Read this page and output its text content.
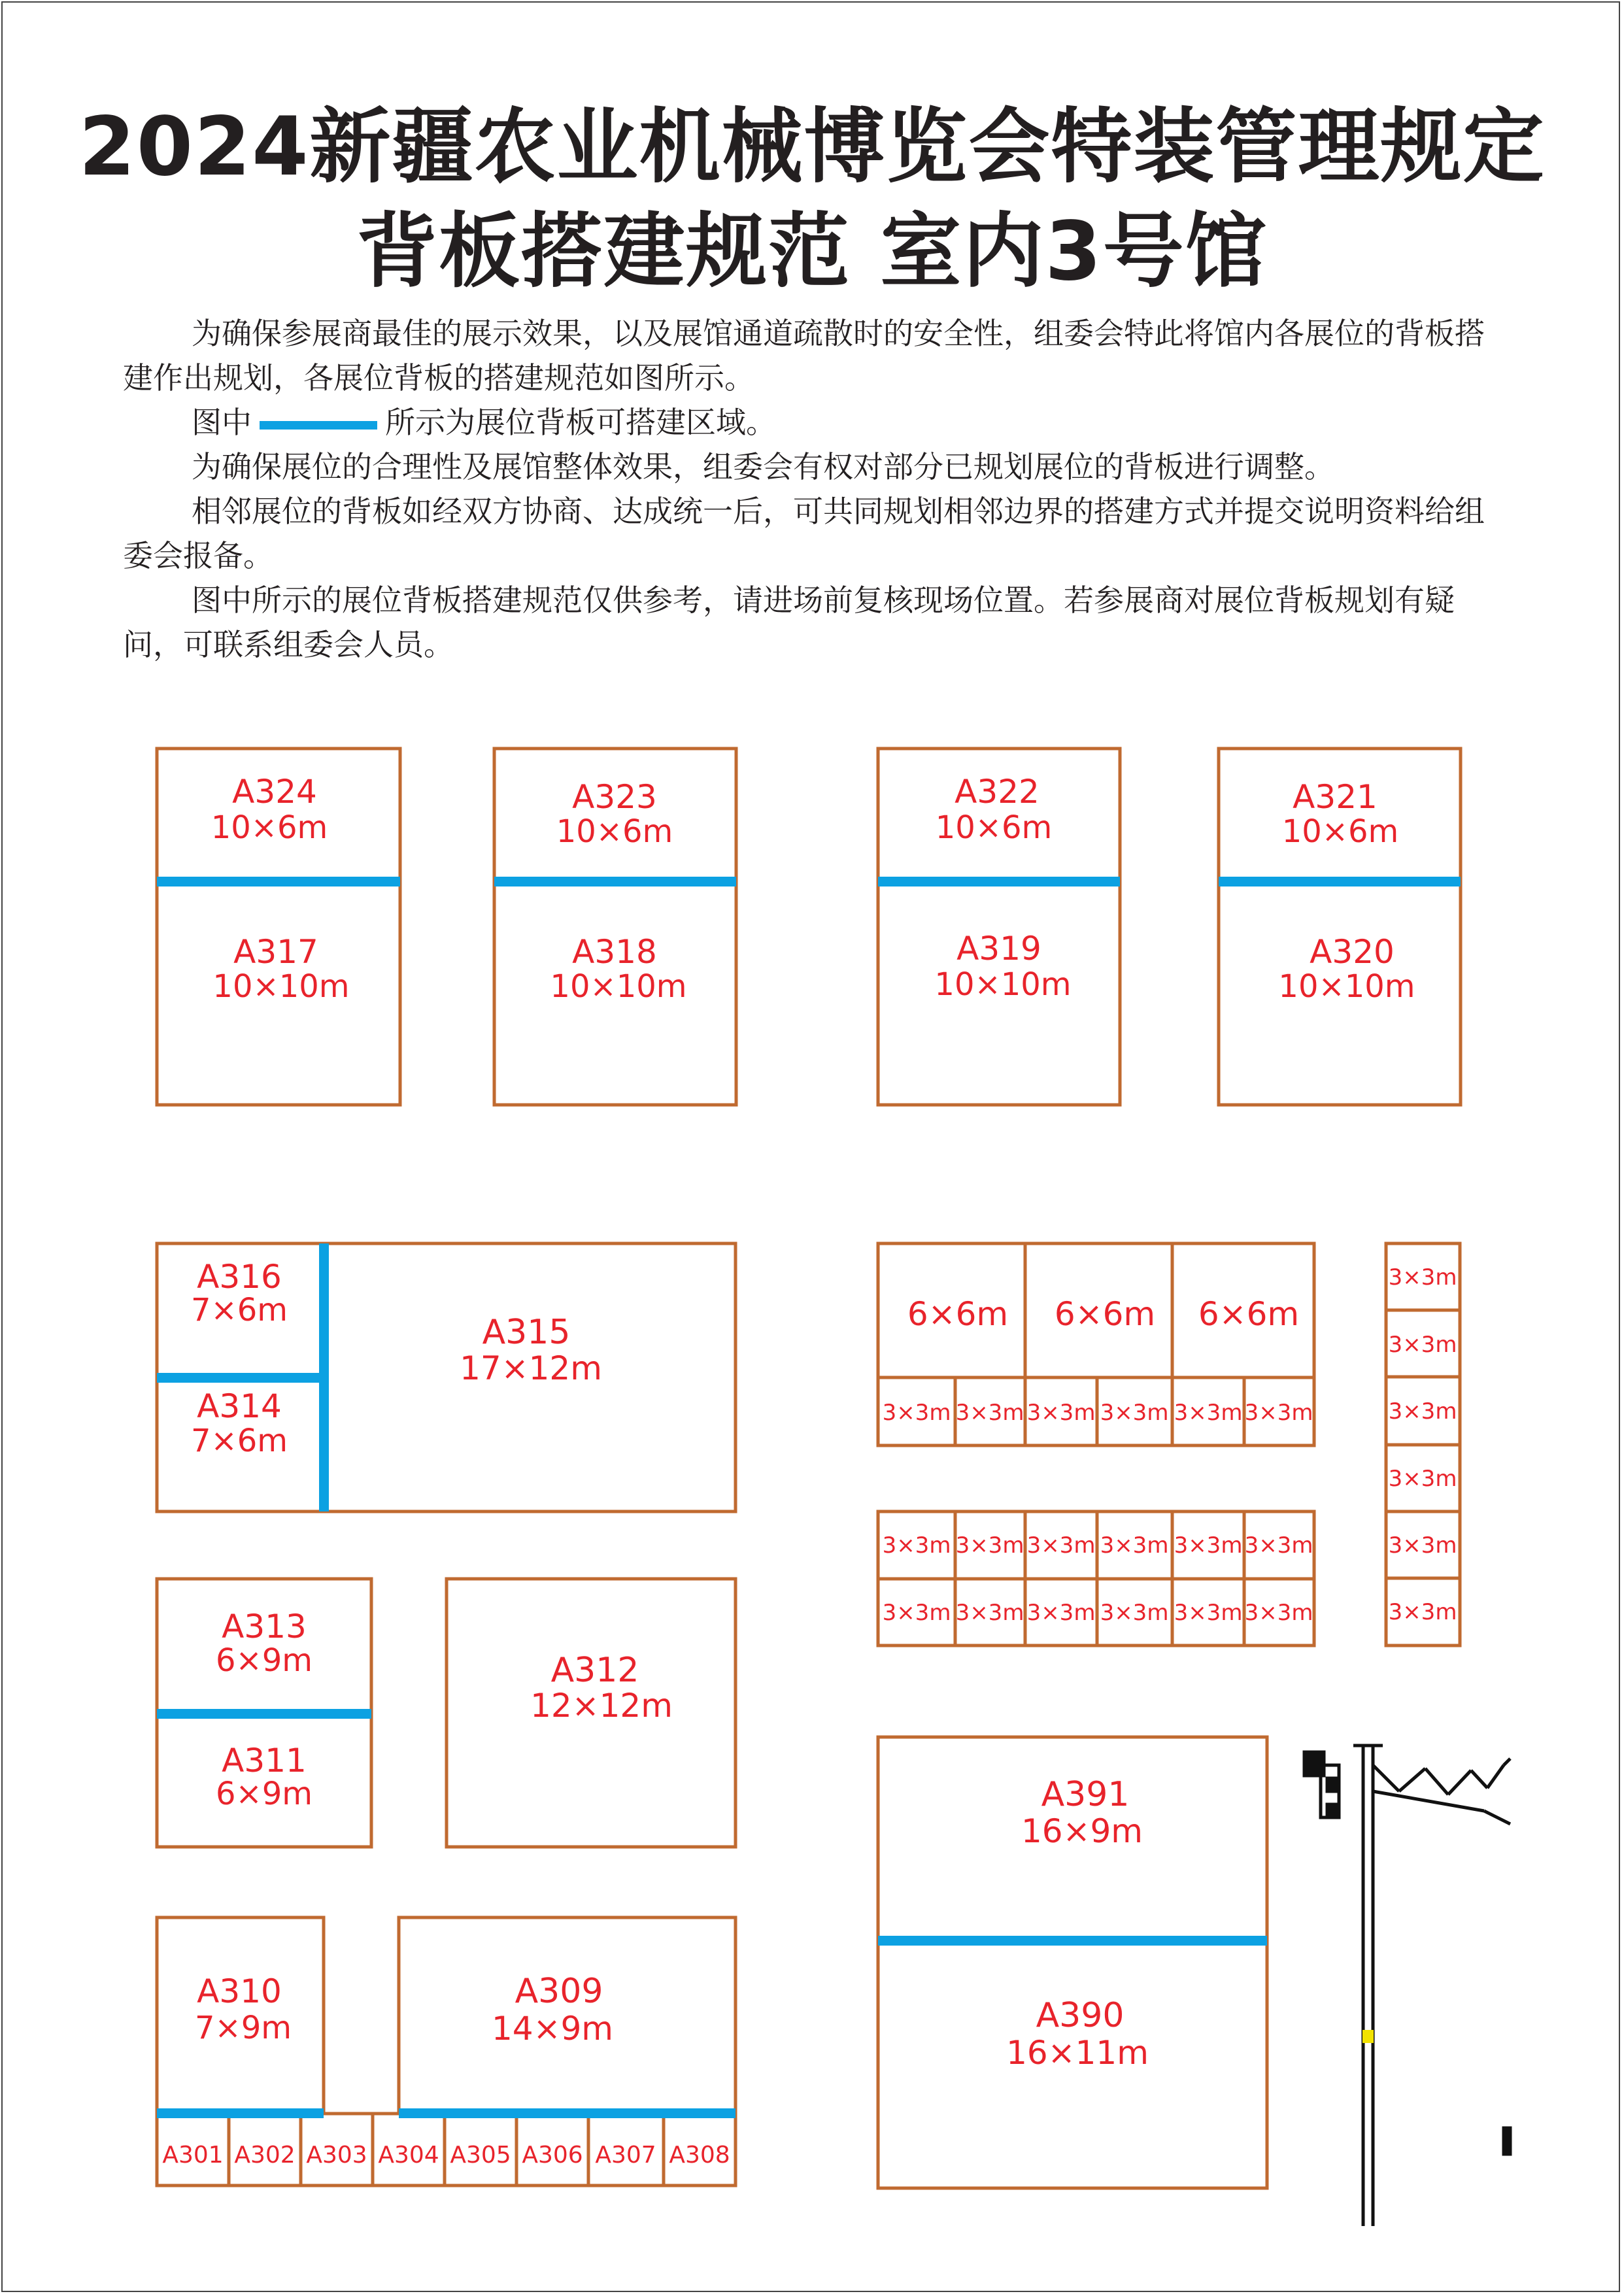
2024新疆农业机械博览会特装管理规定
背板搭建规范 室内3号馆

为确保参展商最佳的展示效果，以及展馆通道疏散时的安全性，组委会特此将馆内各展位的背板搭建作出规划，各展位背板的搭建规范如图所示。

图中	所示为展位背板可搭建区域。

为确保展位的合理性及展馆整体效果，组委会有权对部分已规划展位的背板进行调整。

相邻展位的背板如经双方协商、达成统一后，可共同规划相邻边界的搭建方式并提交说明资料给组委会报备。

图中所示的展位背板搭建规范仅供参考，请进场前复核现场位置。若参展商对展位背板规划有疑问，可联系组委会人员。

A324
10×6m
A323
10×6m
A322
10×6m
A321
10×6m
A317
10×10m
A318
10×10m
A319
10×10m
A320
10×10m
A316
7×6m
A314
7×6m
A315
17×12m
A313
6×9m
A311
6×9m
A312
12×12m
A310
7×9m
A309
14×9m
A301 A302 A303 A304 A305 A306 A307 A308
6×6m 6×6m 6×6m
3×3m 3×3m 3×3m 3×3m 3×3m 3×3m
3×3m 3×3m 3×3m 3×3m 3×3m 3×3m
3×3m 3×3m 3×3m 3×3m 3×3m 3×3m
3×3m
3×3m
3×3m
3×3m
3×3m
3×3m
A391
16×9m
A390
16×11m
